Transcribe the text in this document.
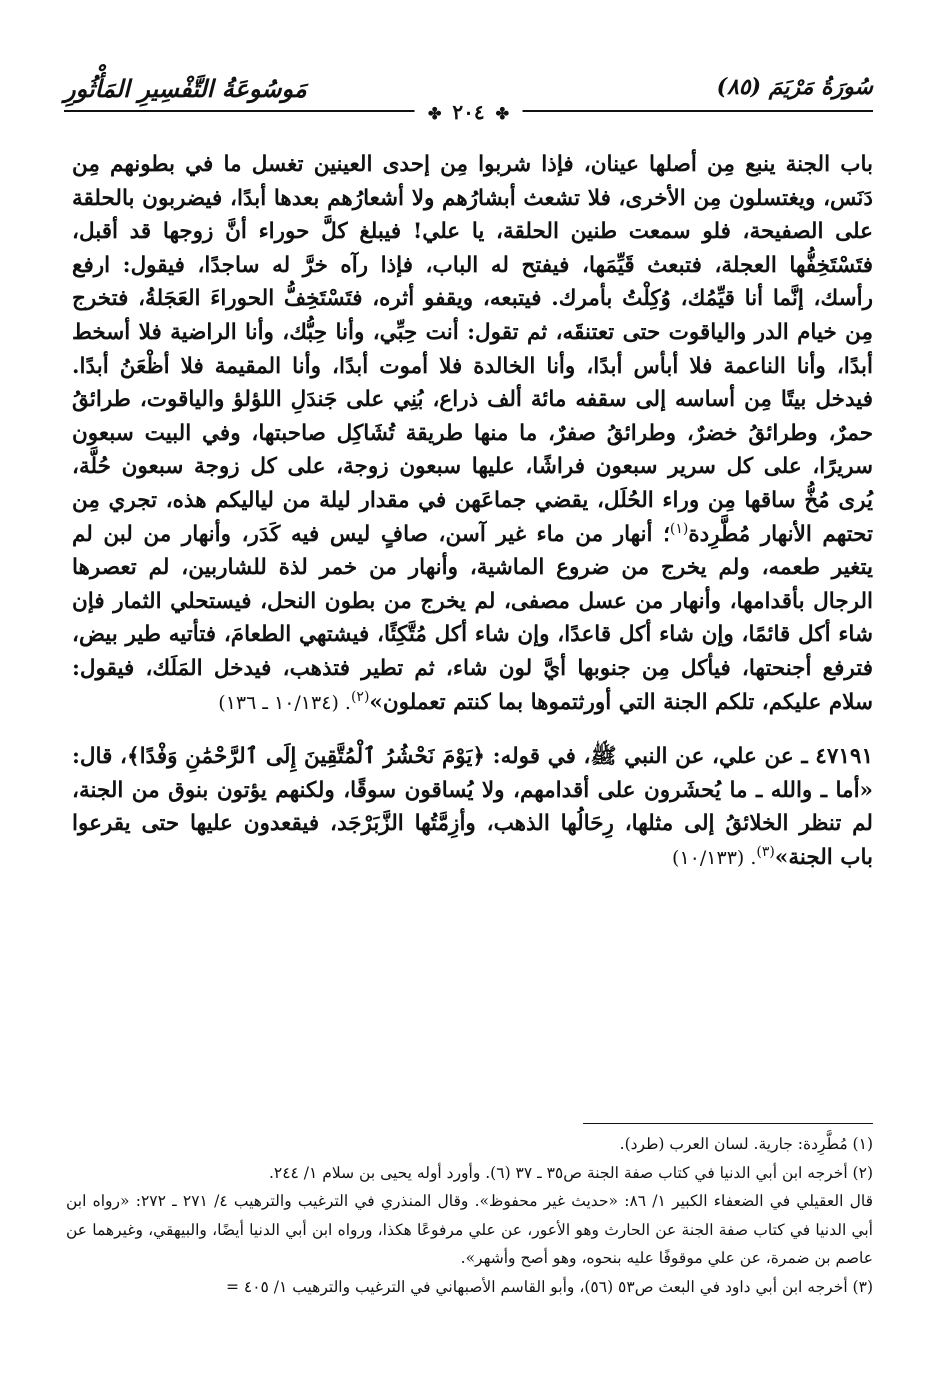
سُورَةُ مَرْيَمَ (٨٥)
مَوسُوعَةُ التَّفْسِيرِ المَأْثُورِ
✤ ٢٠٤ ✤

باب الجنة ينبع مِن أصلها عينان، فإذا شربوا مِن إحدى العينين تغسل ما في بطونهم مِن دَنَس، ويغتسلون مِن الأخرى، فلا تشعث أبشارُهم ولا أشعارُهم بعدها أبدًا، فيضربون بالحلقة على الصفيحة، فلو سمعت طنين الحلقة، يا علي! فيبلغ كلَّ حوراء أنَّ زوجها قد أقبل، فتَسْتَخِفُّها العجلة، فتبعث قَيِّمَها، فيفتح له الباب، فإذا رآه خرَّ له ساجدًا، فيقول: ارفع رأسك، إنَّما أنا قيِّمُك، وُكِلْتُ بأمرك. فيتبعه، ويقفو أثره، فتَسْتَخِفُّ الحوراءَ العَجَلةُ، فتخرج مِن خيام الدر والياقوت حتى تعتنقَه، ثم تقول: أنت حِبِّي، وأنا حِبُّك، وأنا الراضية فلا أسخط أبدًا، وأنا الناعمة فلا أبأس أبدًا، وأنا الخالدة فلا أموت أبدًا، وأنا المقيمة فلا أظْعَنُ أبدًا. فيدخل بيتًا مِن أساسه إلى سقفه مائة ألف ذراع، بُنِي على جَندَلِ اللؤلؤ والياقوت، طرائقُ حمرٌ، وطرائقُ خضرٌ، وطرائقُ صفرٌ، ما منها طريقة تُشَاكِل صاحبتها، وفي البيت سبعون سريرًا، على كل سرير سبعون فراشًا، عليها سبعون زوجة، على كل زوجة سبعون حُلَّة، يُرى مُخُّ ساقها مِن وراء الحُلَل، يقضي جماعَهن في مقدار ليلة من لياليكم هذه، تجري مِن تحتهم الأنهار مُطَّرِدة$^{(١)}$؛ أنهار من ماء غير آسن، صافٍ ليس فيه كَدَر، وأنهار من لبن لم يتغير طعمه، ولم يخرج من ضروع الماشية، وأنهار من خمر لذة للشاربين، لم تعصرها الرجال بأقدامها، وأنهار من عسل مصفى، لم يخرج من بطون النحل، فيستحلي الثمار فإن شاء أكل قائمًا، وإن شاء أكل قاعدًا، وإن شاء أكل مُتَّكِئًا، فيشتهي الطعامَ، فتأتيه طير بيض، فترفع أجنحتها، فيأكل مِن جنوبها أيَّ لون شاء، ثم تطير فتذهب، فيدخل المَلَك، فيقول: سلام عليكم، تلكم الجنة التي أورثتموها بما كنتم تعملون»$^{(٢)}$. (١٠/١٣٤ ـ ١٣٦)

٤٧١٩١ ـ عن علي، عن النبي ﷺ، في قوله: ﴿يَوْمَ نَحْشُرُ ٱلْمُتَّقِينَ إِلَى ٱلرَّحْمَٰنِ وَفْدًا﴾، قال: «أما ـ والله ـ ما يُحشَرون على أقدامهم، ولا يُساقون سوقًا، ولكنهم يؤتون بنوق من الجنة، لم تنظر الخلائقُ إلى مثلها، رِحَالُها الذهب، وأزِمَّتُها الزَّبَرْجَد، فيقعدون عليها حتى يقرعوا باب الجنة»$^{(٣)}$. (١٠/١٣٣)

(١) مُطَّرِدة: جارية. لسان العرب (طرد).

(٢) أخرجه ابن أبي الدنيا في كتاب صفة الجنة ص٣٥ ـ ٣٧ (٦). وأورد أوله يحيى بن سلام ١/ ٢٤٤.

قال العقيلي في الضعفاء الكبير ١/ ٨٦: «حديث غير محفوظ». وقال المنذري في الترغيب والترهيب ٤/ ٢٧١ ـ ٢٧٢: «رواه ابن أبي الدنيا في كتاب صفة الجنة عن الحارث وهو الأعور، عن علي مرفوعًا هكذا، ورواه ابن أبي الدنيا أيضًا، والبيهقي، وغيرهما عن عاصم بن ضمرة، عن علي موقوفًا عليه بنحوه، وهو أصح وأشهر».

(٣) أخرجه ابن أبي داود في البعث ص٥٣ (٥٦)، وأبو القاسم الأصبهاني في الترغيب والترهيب ١/ ٤٠٥ =
